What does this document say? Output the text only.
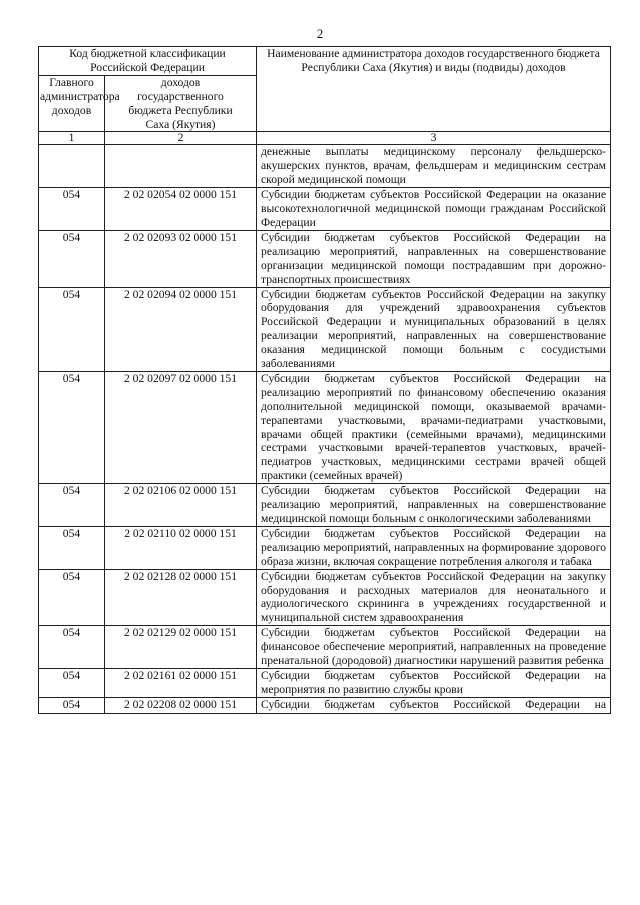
2
Код бюджетной классификации Российской Федерации		Наименование администратора доходов государственного бюджета Республики Саха (Якутия) и виды (подвиды) доходов
Главного администратора доходов	доходов государственного бюджета Республики Саха (Якутия)	
1	2	3
		денежные выплаты медицинскому персоналу фельдшерско-акушерских пунктов, врачам, фельдшерам и медицинским сестрам скорой медицинской помощи
054	2 02 02054 02 0000 151	Субсидии бюджетам субъектов Российской Федерации на оказание высокотехнологичной медицинской помощи гражданам Российской Федерации
054	2 02 02093 02 0000 151	Субсидии бюджетам субъектов Российской Федерации на реализацию мероприятий, направленных на совершенствование организации медицинской помощи пострадавшим при дорожно-транспортных происшествиях
054	2 02 02094 02 0000 151	Субсидии бюджетам субъектов Российской Федерации на закупку оборудования для учреждений здравоохранения субъектов Российской Федерации и муниципальных образований в целях реализации мероприятий, направленных на совершенствование оказания медицинской помощи больным с сосудистыми заболеваниями
054	2 02 02097 02 0000 151	Субсидии бюджетам субъектов Российской Федерации на реализацию мероприятий по финансовому обеспечению оказания дополнительной медицинской помощи, оказываемой врачами-терапевтами участковыми, врачами-педиатрами участковыми, врачами общей практики (семейными врачами), медицинскими сестрами участковыми врачей-терапевтов участковых, врачей-педиатров участковых, медицинскими сестрами врачей общей практики (семейных врачей)
054	2 02 02106 02 0000 151	Субсидии бюджетам субъектов Российской Федерации на реализацию мероприятий, направленных на совершенствование медицинской помощи больным с онкологическими заболеваниями
054	2 02 02110 02 0000 151	Субсидии бюджетам субъектов Российской Федерации на реализацию мероприятий, направленных на формирование здорового образа жизни, включая сокращение потребления алкоголя и табака
054	2 02 02128 02 0000 151	Субсидии бюджетам субъектов Российской Федерации на закупку оборудования и расходных материалов для неонатального и аудиологического скрининга в учреждениях государственной и муниципальной систем здравоохранения
054	2 02 02129 02 0000 151	Субсидии бюджетам субъектов Российской Федерации на финансовое обеспечение мероприятий, направленных на проведение пренатальной (дородовой) диагностики нарушений развития ребенка
054	2 02 02161 02 0000 151	Субсидии бюджетам субъектов Российской Федерации на мероприятия по развитию службы крови
054	2 02 02208 02 0000 151	Субсидии бюджетам субъектов Российской Федерации на
